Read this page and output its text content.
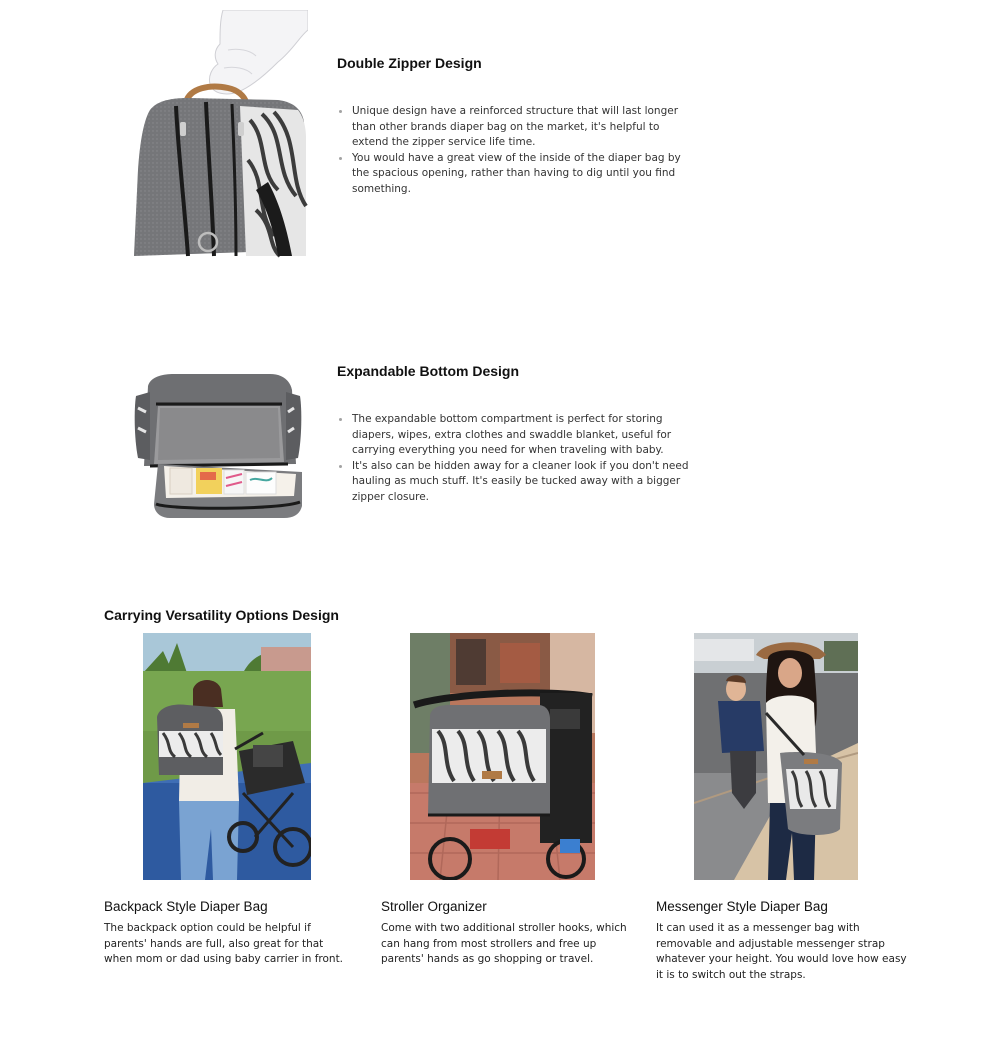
Double Zipper Design
Unique design have a reinforced structure that will last longer than other brands diaper bag on the market, it's helpful to extend the zipper service life time.
You would have a great view of the inside of the diaper bag by the spacious opening, rather than having to dig until you find something.
Expandable Bottom Design
The expandable bottom compartment is perfect for storing diapers, wipes, extra clothes and swaddle blanket, useful for carrying everything you need for when traveling with baby.
It's also can be hidden away for a cleaner look if you don't need hauling as much stuff. It's easily be tucked away with a bigger zipper closure.
Carrying Versatility Options Design
Backpack Style Diaper Bag
The backpack option could be helpful if parents' hands are full, also great for that when mom or dad using baby carrier in front.
Stroller Organizer
Come with two additional stroller hooks, which can hang from most strollers and free up parents' hands as go shopping or travel.
Messenger Style Diaper Bag
It can used it as a messenger bag with removable and adjustable messenger strap whatever your height. You would love how easy it is to switch out the straps.
